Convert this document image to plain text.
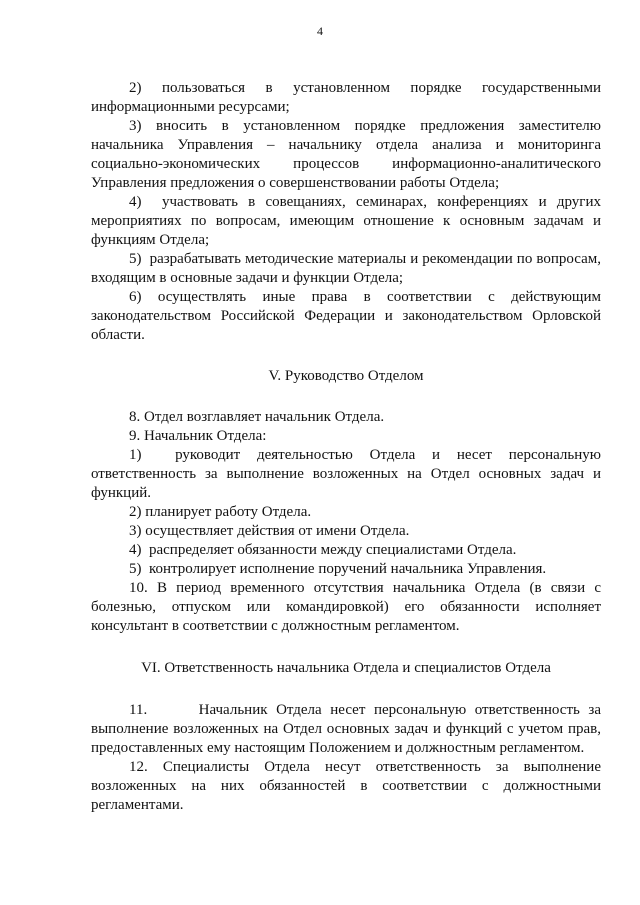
4

2)  пользоваться  в  установленном  порядке  государственными информационными ресурсами;

3) вносить в установленном порядке предложения заместителю начальника Управления – начальнику отдела анализа и мониторинга социально-экономических процессов информационно-аналитического Управления предложения о совершенствовании работы Отдела;

4)  участвовать в совещаниях, семинарах, конференциях и других мероприятиях по вопросам, имеющим отношение к основным задачам и функциям Отдела;

5)  разрабатывать методические материалы и рекомендации по вопросам, входящим в основные задачи и функции Отдела;

6) осуществлять иные права в соответствии с действующим законодательством Российской Федерации и законодательством Орловской области.

V. Руководство Отделом

8. Отдел возглавляет начальник Отдела.

9. Начальник Отдела:

1)  руководит деятельностью Отдела и несет персональную ответственность за выполнение возложенных на Отдел основных задач и функций.

2) планирует работу Отдела.

3) осуществляет действия от имени Отдела.

4)  распределяет обязанности между специалистами Отдела.

5)  контролирует исполнение поручений начальника Управления.

10. В период временного отсутствия начальника Отдела (в связи с болезнью, отпуском или командировкой) его обязанности исполняет консультант в соответствии с должностным регламентом.

VI. Ответственность начальника Отдела и специалистов Отдела

11.      Начальник Отдела несет персональную ответственность за выполнение возложенных на Отдел основных задач и функций с учетом прав, предоставленных ему настоящим Положением и должностным регламентом.

12. Специалисты Отдела несут ответственность за выполнение возложенных на них обязанностей в соответствии с должностными регламентами.
